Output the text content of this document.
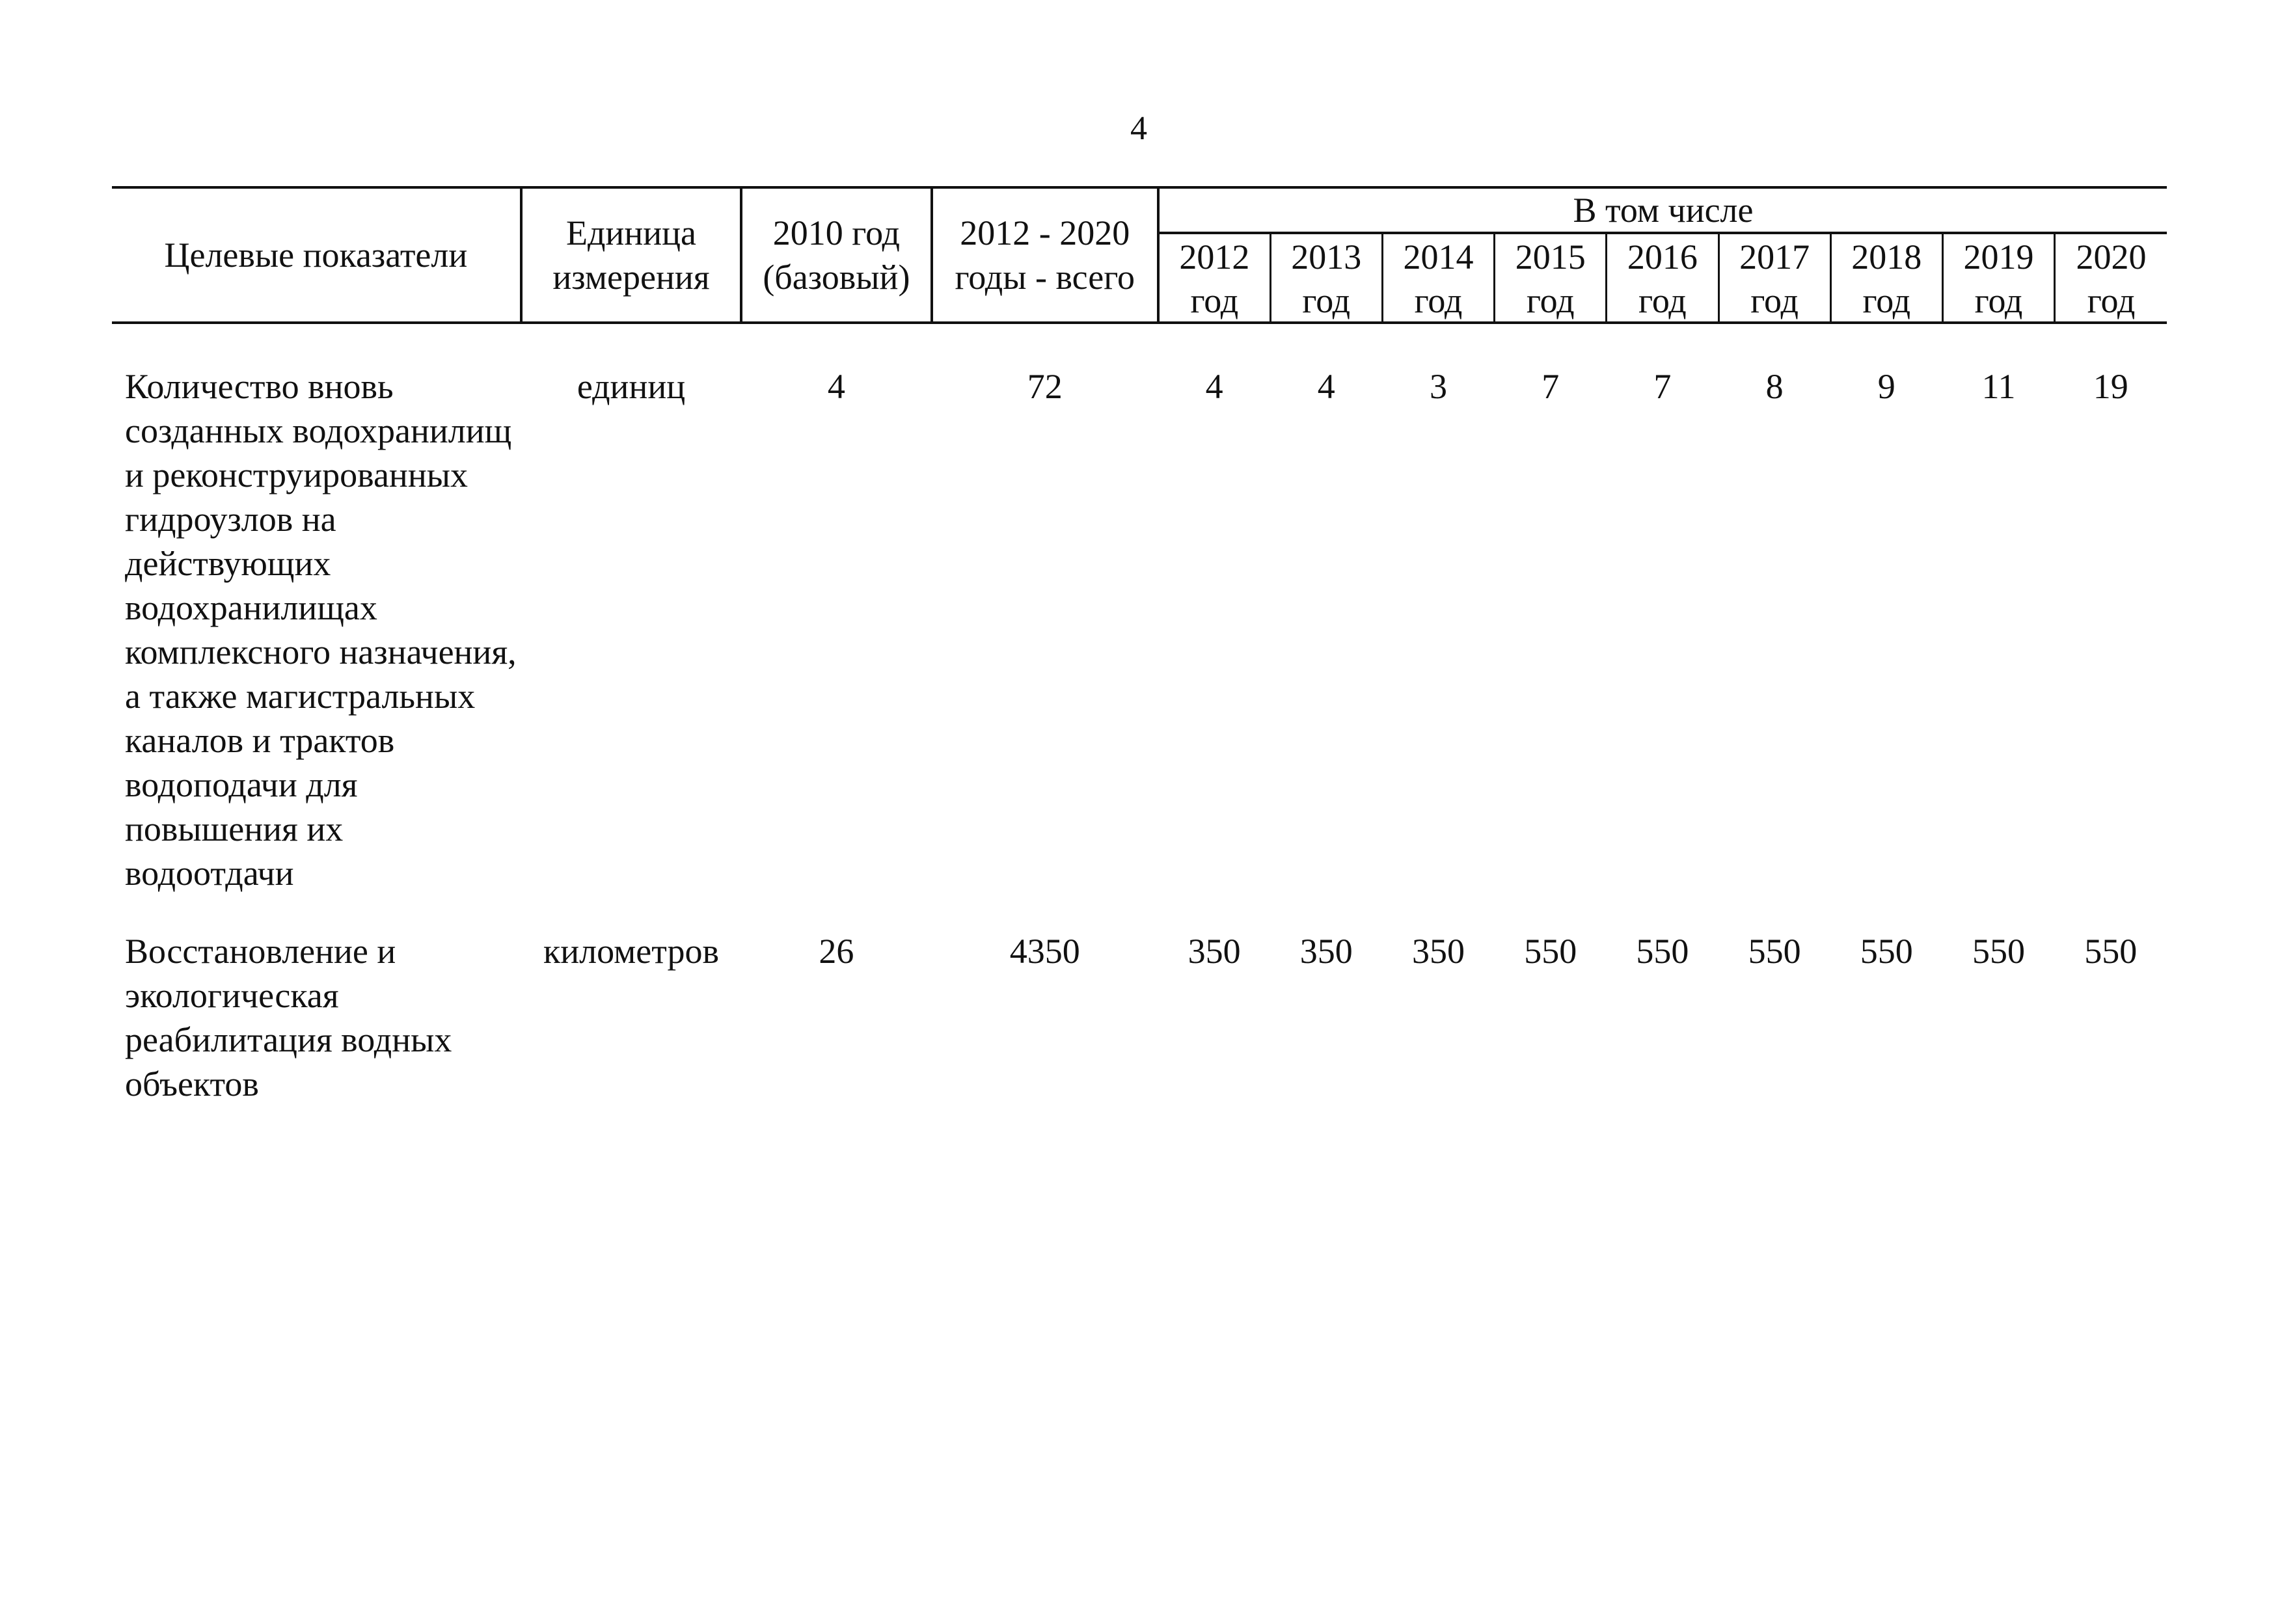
4
Целевые показатели	Единица измерения	2010 год (базовый)	2012 - 2020 годы - всего	В том числе								
				2012	2013	2014	2015	2016	2017	2018	2019	2020
				год	год	год	год	год	год	год	год	год

Количество вновь созданных водохранилищ и реконструированных гидроузлов на действующих водохранилищах комплексного назначения, а также магистральных каналов и трактов водоподачи для повышения их водоотдачи	единиц	4	72	4	4	3	7	7	8	9	11	19

Восстановление и экологическая реабилитация водных объектов	километров	26	4350	350	350	350	550	550	550	550	550	550
